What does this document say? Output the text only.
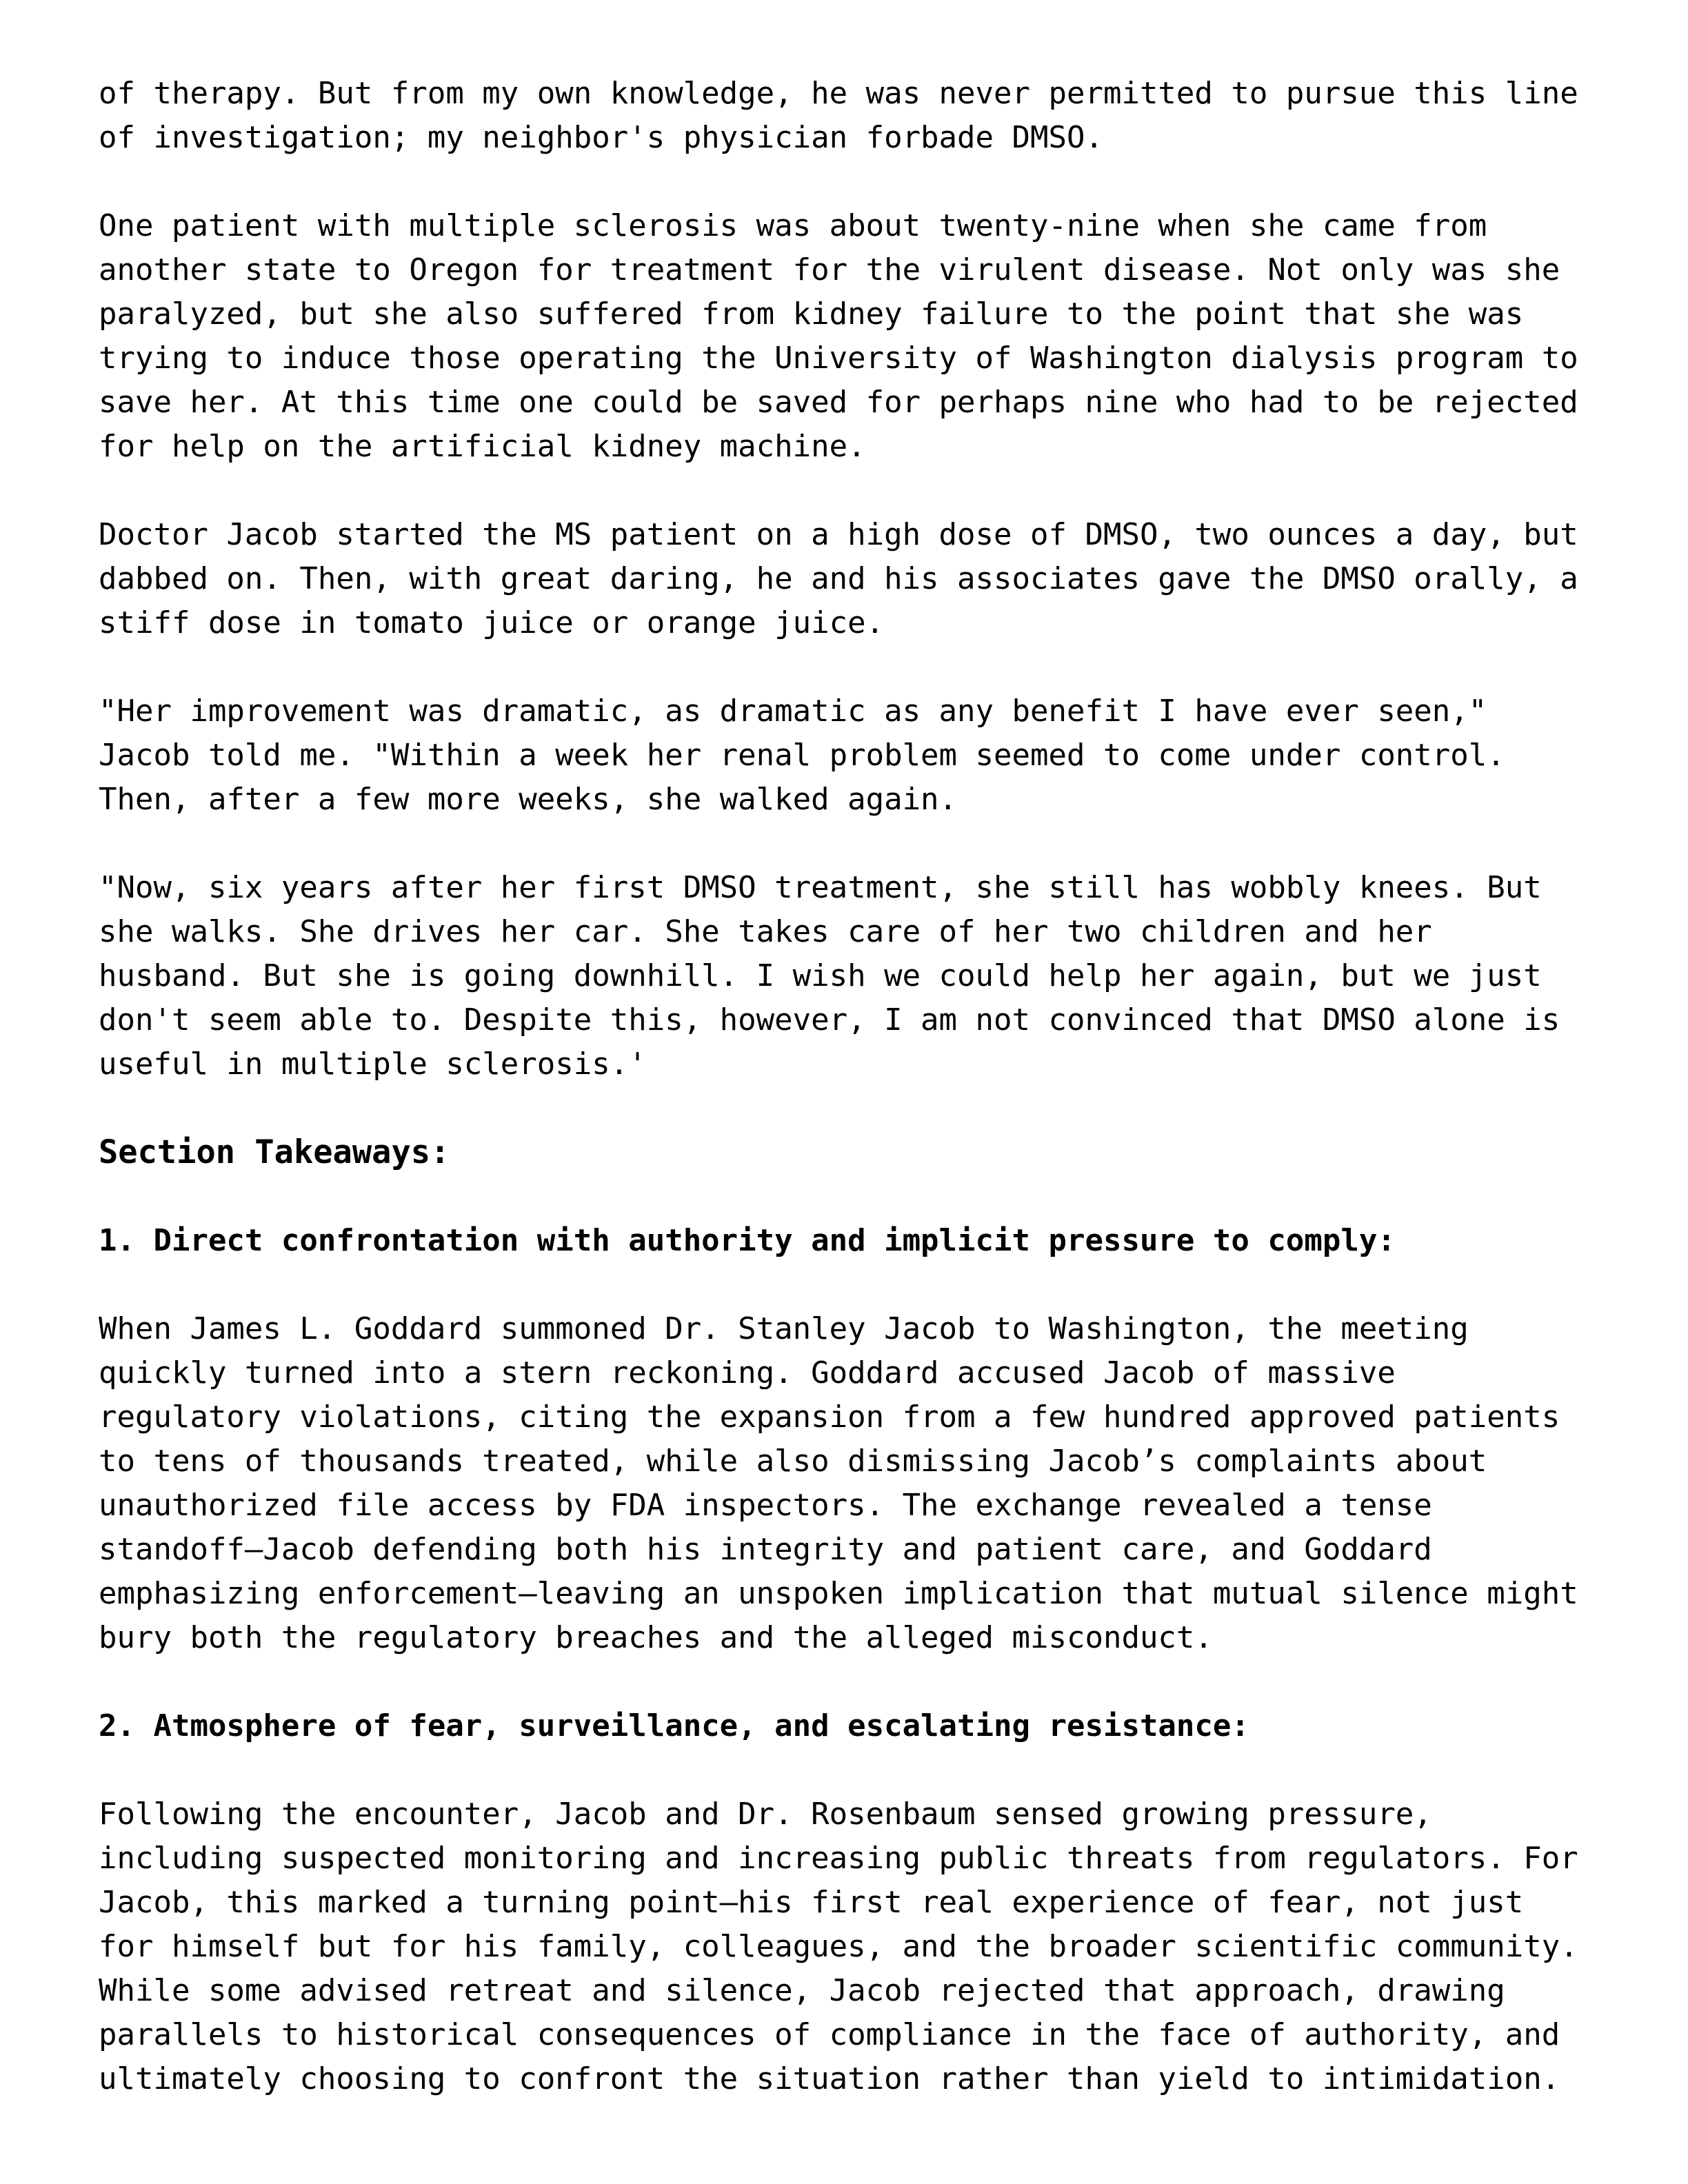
of therapy. But from my own knowledge, he was never permitted to pursue this line
of investigation; my neighbor's physician forbade DMSO.

One patient with multiple sclerosis was about twenty-nine when she came from
another state to Oregon for treatment for the virulent disease. Not only was she
paralyzed, but she also suffered from kidney failure to the point that she was
trying to induce those operating the University of Washington dialysis program to
save her. At this time one could be saved for perhaps nine who had to be rejected
for help on the artificial kidney machine.

Doctor Jacob started the MS patient on a high dose of DMSO, two ounces a day, but
dabbed on. Then, with great daring, he and his associates gave the DMSO orally, a
stiff dose in tomato juice or orange juice.

"Her improvement was dramatic, as dramatic as any benefit I have ever seen,"
Jacob told me. "Within a week her renal problem seemed to come under control.
Then, after a few more weeks, she walked again.

"Now, six years after her first DMSO treatment, she still has wobbly knees. But
she walks. She drives her car. She takes care of her two children and her
husband. But she is going downhill. I wish we could help her again, but we just
don't seem able to. Despite this, however, I am not convinced that DMSO alone is
useful in multiple sclerosis.'

Section Takeaways:
1. Direct confrontation with authority and implicit pressure to comply:

When James L. Goddard summoned Dr. Stanley Jacob to Washington, the meeting
quickly turned into a stern reckoning. Goddard accused Jacob of massive
regulatory violations, citing the expansion from a few hundred approved patients
to tens of thousands treated, while also dismissing Jacob’s complaints about
unauthorized file access by FDA inspectors. The exchange revealed a tense
standoff—Jacob defending both his integrity and patient care, and Goddard
emphasizing enforcement—leaving an unspoken implication that mutual silence might
bury both the regulatory breaches and the alleged misconduct.

2. Atmosphere of fear, surveillance, and escalating resistance:

Following the encounter, Jacob and Dr. Rosenbaum sensed growing pressure,
including suspected monitoring and increasing public threats from regulators. For
Jacob, this marked a turning point—his first real experience of fear, not just
for himself but for his family, colleagues, and the broader scientific community.
While some advised retreat and silence, Jacob rejected that approach, drawing
parallels to historical consequences of compliance in the face of authority, and
ultimately choosing to confront the situation rather than yield to intimidation.
